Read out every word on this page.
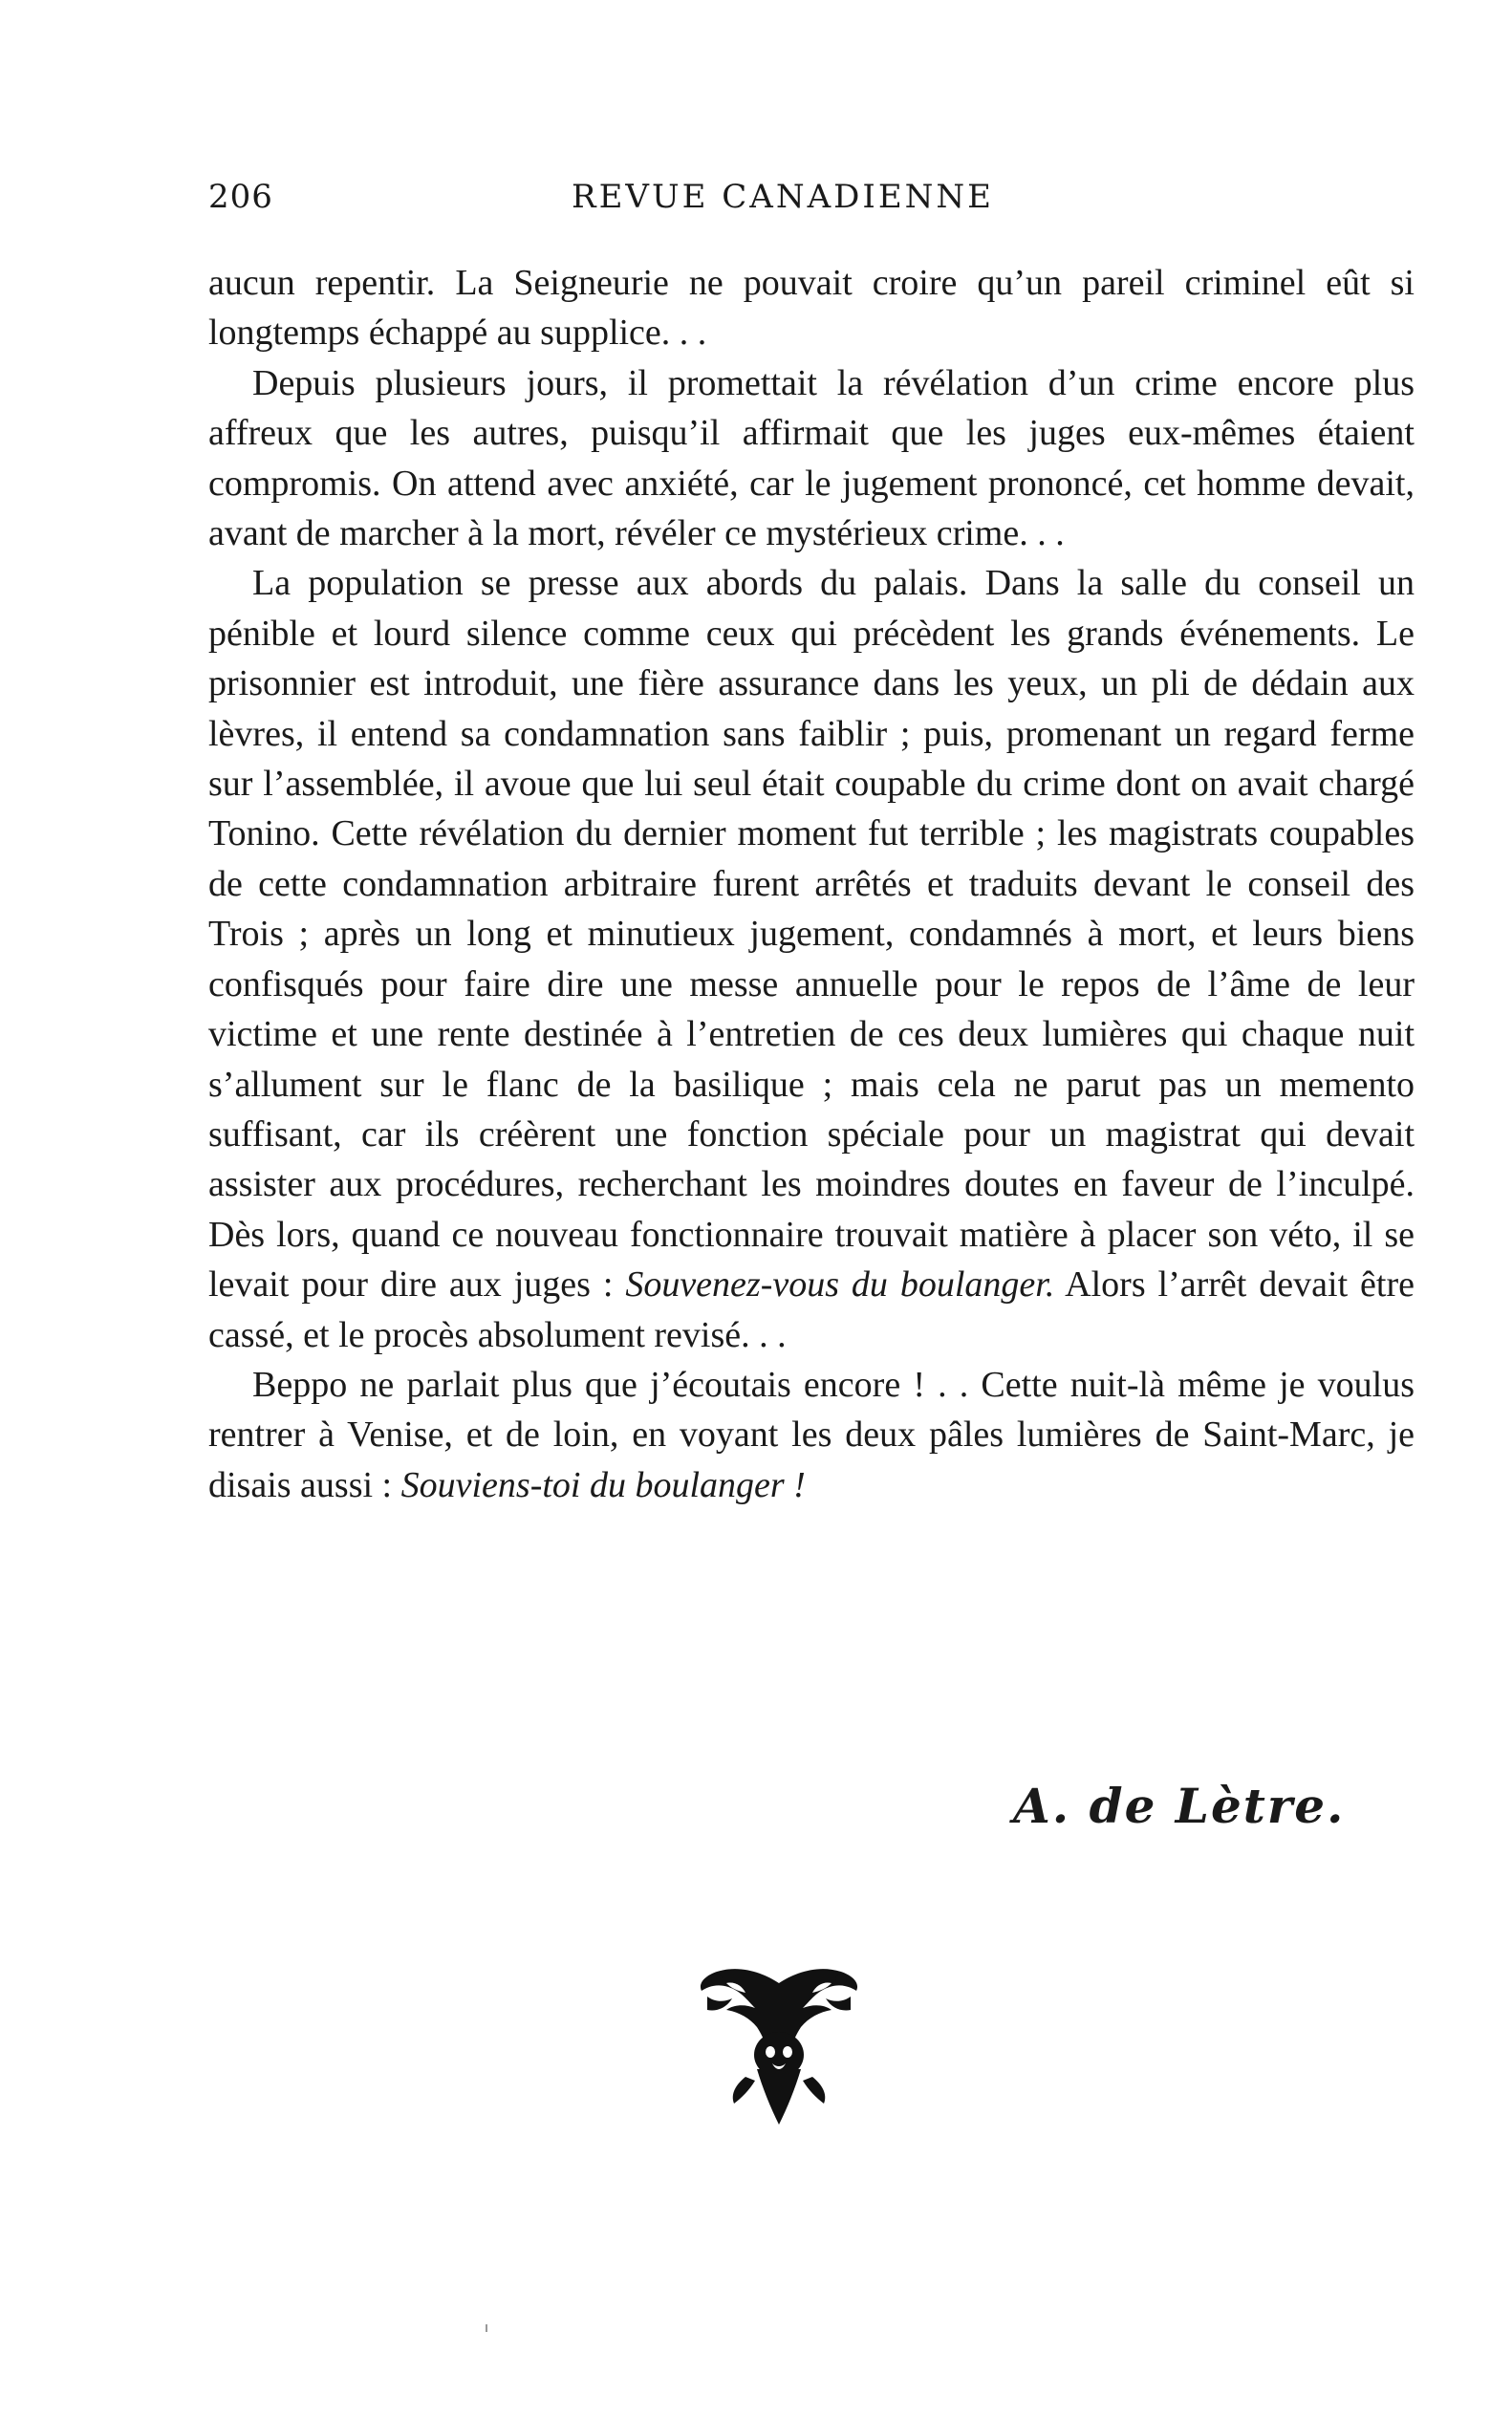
206	REVUE CANADIENNE

aucun repentir. La Seigneurie ne pouvait croire qu’un pareil criminel eût si longtemps échappé au supplice. . .

Depuis plusieurs jours, il promettait la révélation d’un crime encore plus affreux que les autres, puisqu’il affirmait que les juges eux-mêmes étaient compromis. On attend avec anxiété, car le jugement prononcé, cet homme devait, avant de marcher à la mort, révéler ce mystérieux crime. . .

La population se presse aux abords du palais. Dans la salle du conseil un pénible et lourd silence comme ceux qui précèdent les grands événements. Le prisonnier est introduit, une fière assurance dans les yeux, un pli de dédain aux lèvres, il entend sa condamnation sans faiblir ; puis, promenant un regard ferme sur l’assemblée, il avoue que lui seul était coupable du crime dont on avait chargé Tonino. Cette révélation du dernier moment fut terrible ; les magistrats coupables de cette condamnation arbitraire furent arrêtés et traduits devant le conseil des Trois ; après un long et minutieux jugement, condamnés à mort, et leurs biens confisqués pour faire dire une messe annuelle pour le repos de l’âme de leur victime et une rente destinée à l’entretien de ces deux lumières qui chaque nuit s’allument sur le flanc de la basilique ; mais cela ne parut pas un memento suffisant, car ils créèrent une fonction spéciale pour un magistrat qui devait assister aux procédures, recherchant les moindres doutes en faveur de l’inculpé. Dès lors, quand ce nouveau fonctionnaire trouvait matière à placer son véto, il se levait pour dire aux juges : Souvenez-vous du boulanger. Alors l’arrêt devait être cassé, et le procès absolument revisé. . .

Beppo ne parlait plus que j’écoutais encore ! . . Cette nuit-là même je voulus rentrer à Venise, et de loin, en voyant les deux pâles lumières de Saint-Marc, je disais aussi : Souviens-toi du boulanger !

A. de Lètre.
